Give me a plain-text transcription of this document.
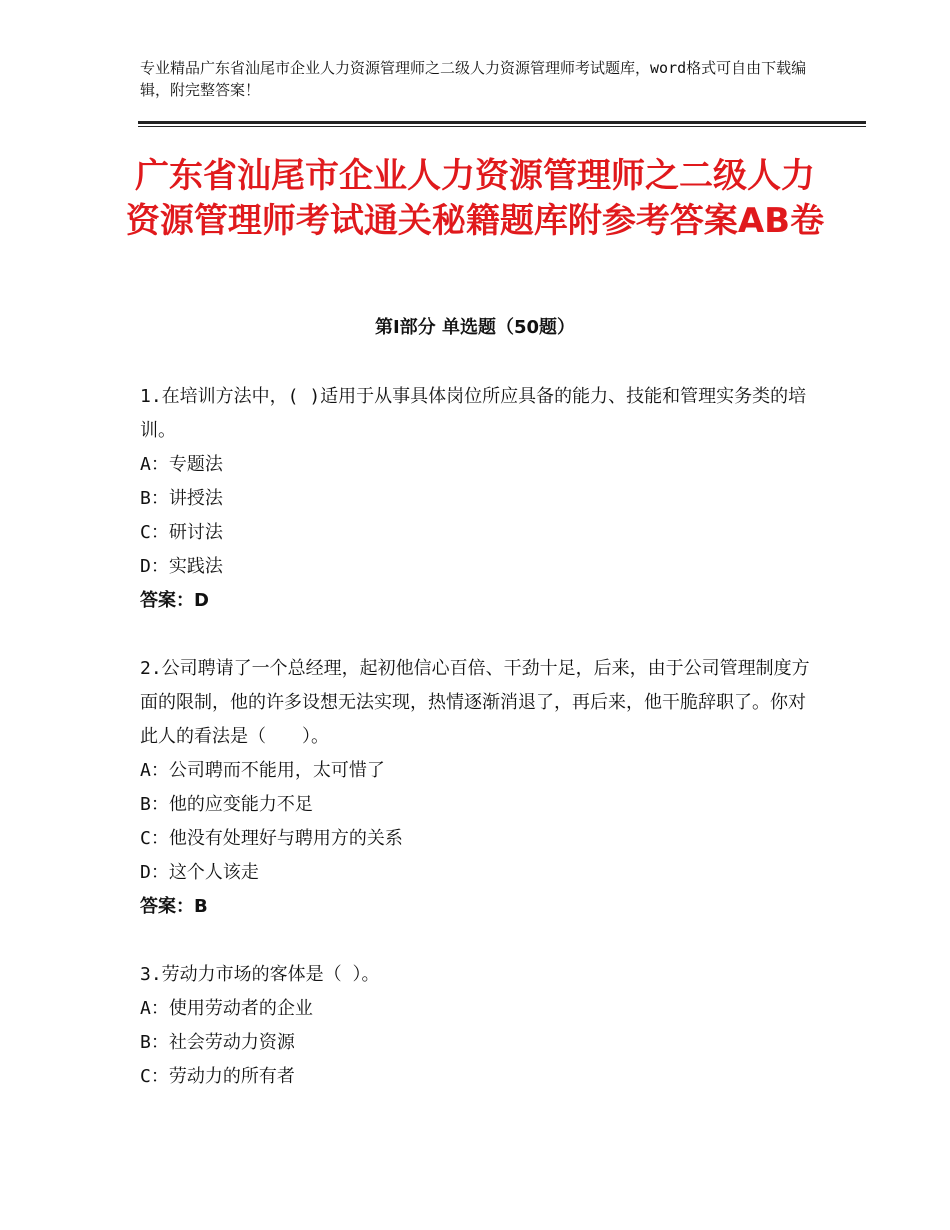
专业精品广东省汕尾市企业人力资源管理师之二级人力资源管理师考试题库，word格式可自由下载编辑，附完整答案！
广东省汕尾市企业人力资源管理师之二级人力资源管理师考试通关秘籍题库附参考答案AB卷
第Ⅰ部分 单选题（50题）

1.在培训方法中，( )适用于从事具体岗位所应具备的能力、技能和管理实务类的培训。

A：专题法

B：讲授法

C：研讨法

D：实践法

答案：D

2.公司聘请了一个总经理，起初他信心百倍、干劲十足，后来，由于公司管理制度方面的限制，他的许多设想无法实现，热情逐渐消退了，再后来，他干脆辞职了。你对此人的看法是（　　）。

A：公司聘而不能用，太可惜了

B：他的应变能力不足

C：他没有处理好与聘用方的关系

D：这个人该走

答案：B

3.劳动力市场的客体是（ ）。

A：使用劳动者的企业

B：社会劳动力资源

C：劳动力的所有者
